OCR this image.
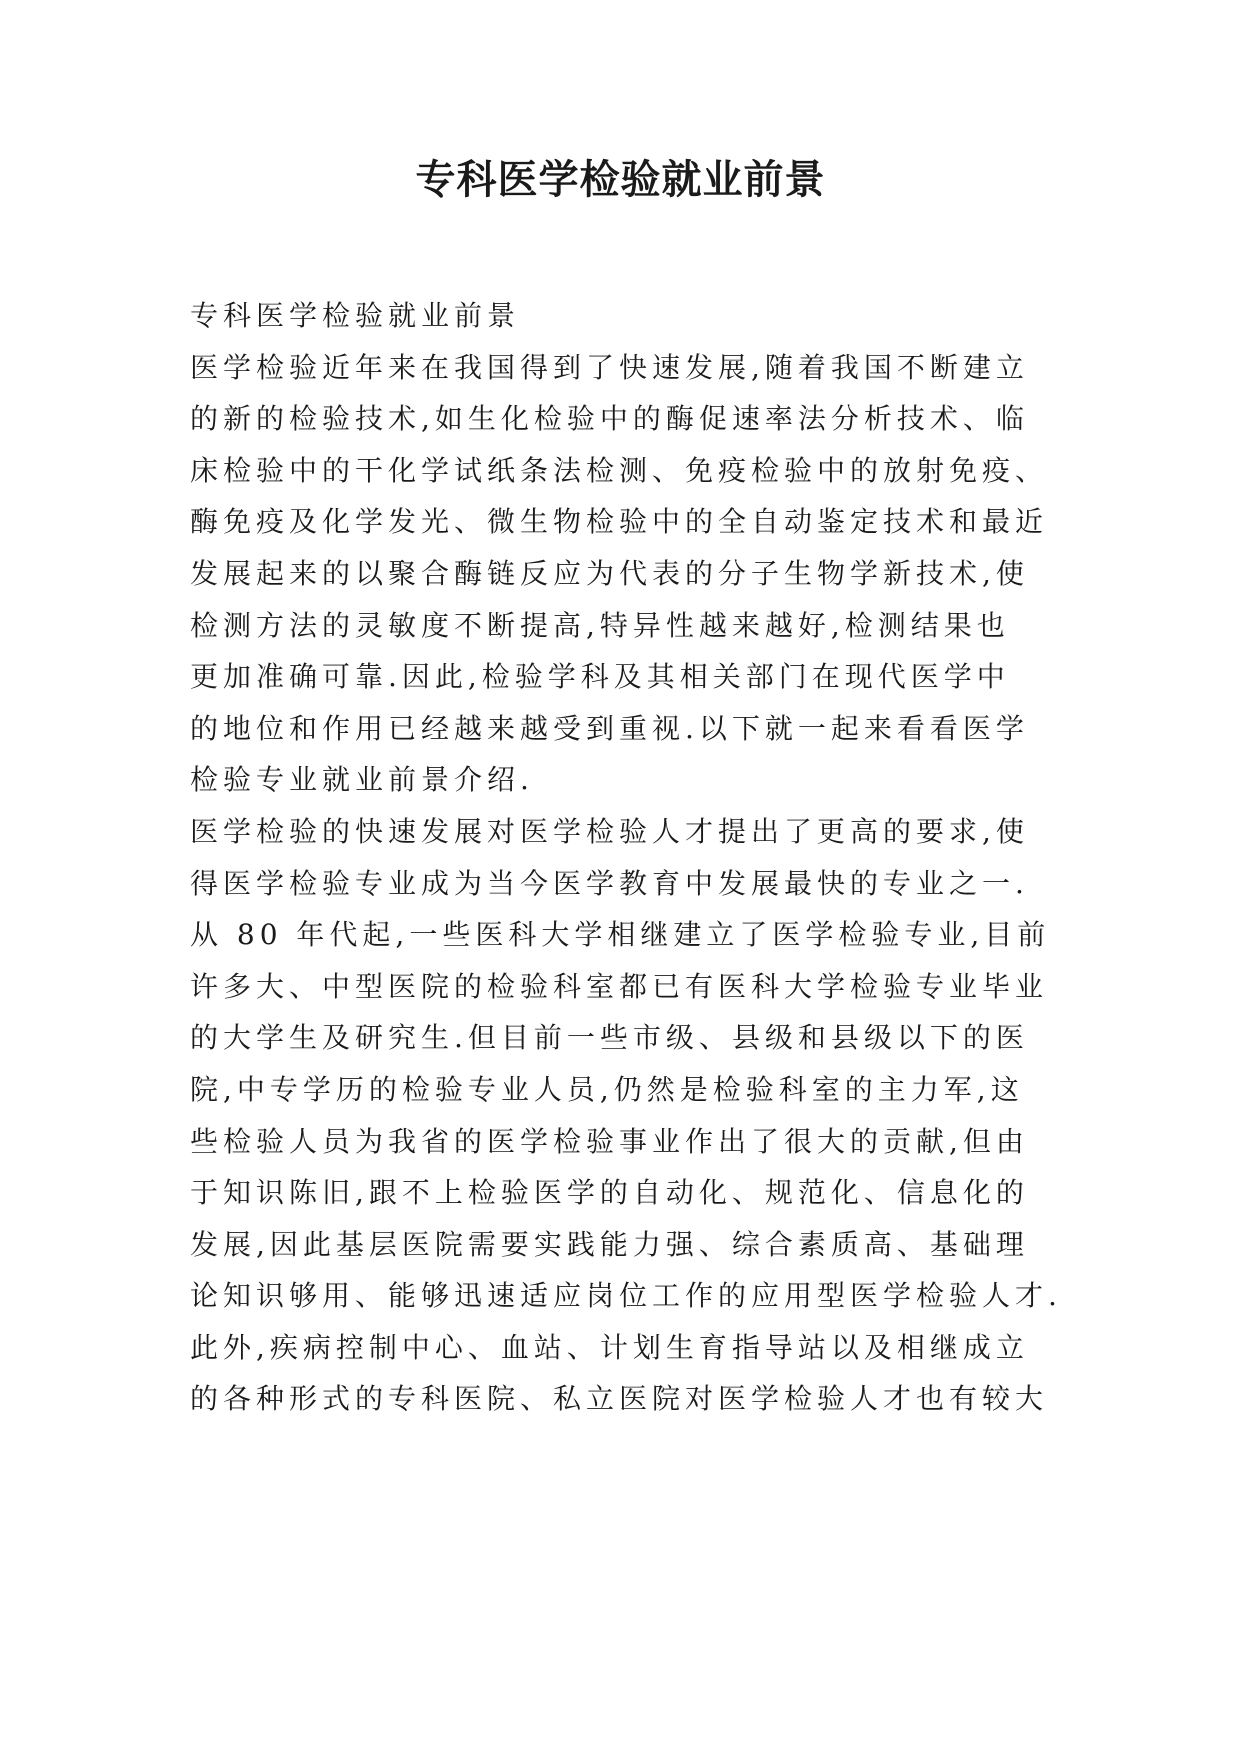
专科医学检验就业前景
专科医学检验就业前景
医学检验近年来在我国得到了快速发展,随着我国不断建立
的新的检验技术,如生化检验中的酶促速率法分析技术、临
床检验中的干化学试纸条法检测、免疫检验中的放射免疫、
酶免疫及化学发光、微生物检验中的全自动鉴定技术和最近
发展起来的以聚合酶链反应为代表的分子生物学新技术,使
检测方法的灵敏度不断提高,特异性越来越好,检测结果也
更加准确可靠.因此,检验学科及其相关部门在现代医学中
的地位和作用已经越来越受到重视.以下就一起来看看医学
检验专业就业前景介绍.
医学检验的快速发展对医学检验人才提出了更高的要求,使
得医学检验专业成为当今医学教育中发展最快的专业之一.
从 80 年代起,一些医科大学相继建立了医学检验专业,目前
许多大、中型医院的检验科室都已有医科大学检验专业毕业
的大学生及研究生.但目前一些市级、县级和县级以下的医
院,中专学历的检验专业人员,仍然是检验科室的主力军,这
些检验人员为我省的医学检验事业作出了很大的贡献,但由
于知识陈旧,跟不上检验医学的自动化、规范化、信息化的
发展,因此基层医院需要实践能力强、综合素质高、基础理
论知识够用、能够迅速适应岗位工作的应用型医学检验人才.
此外,疾病控制中心、血站、计划生育指导站以及相继成立
的各种形式的专科医院、私立医院对医学检验人才也有较大
